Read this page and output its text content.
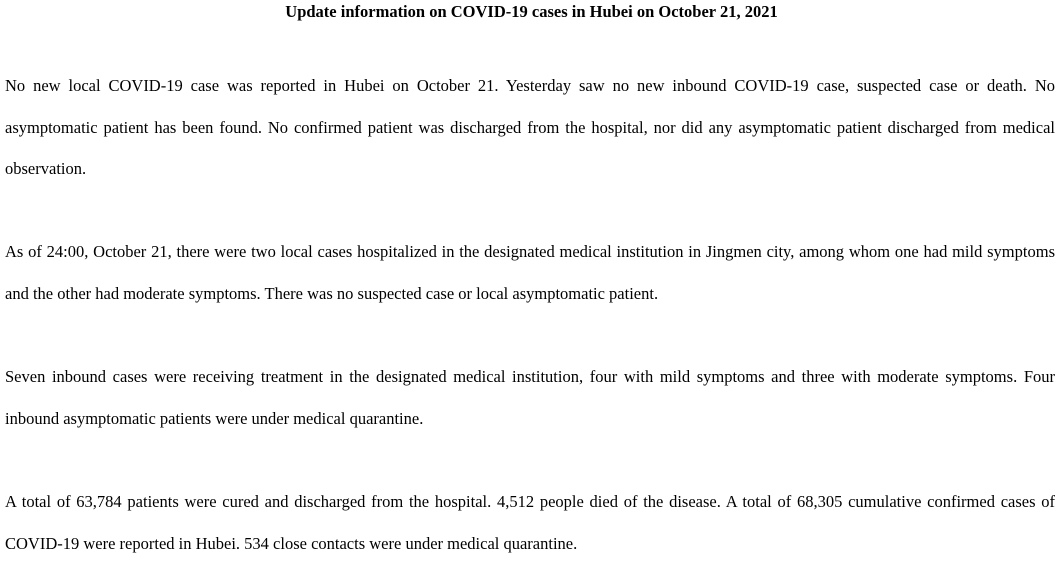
Update information on COVID-19 cases in Hubei on October 21, 2021

No new local COVID-19 case was reported in Hubei on October 21. Yesterday saw no new inbound COVID-19 case, suspected case or death. No asymptomatic patient has been found. No confirmed patient was discharged from the hospital, nor did any asymptomatic patient discharged from medical observation.

As of 24:00, October 21, there were two local cases hospitalized in the designated medical institution in Jingmen city, among whom one had mild symptoms and the other had moderate symptoms. There was no suspected case or local asymptomatic patient.

Seven inbound cases were receiving treatment in the designated medical institution, four with mild symptoms and three with moderate symptoms. Four inbound asymptomatic patients were under medical quarantine.

A total of 63,784 patients were cured and discharged from the hospital. 4,512 people died of the disease. A total of 68,305 cumulative confirmed cases of COVID-19 were reported in Hubei. 534 close contacts were under medical quarantine.
